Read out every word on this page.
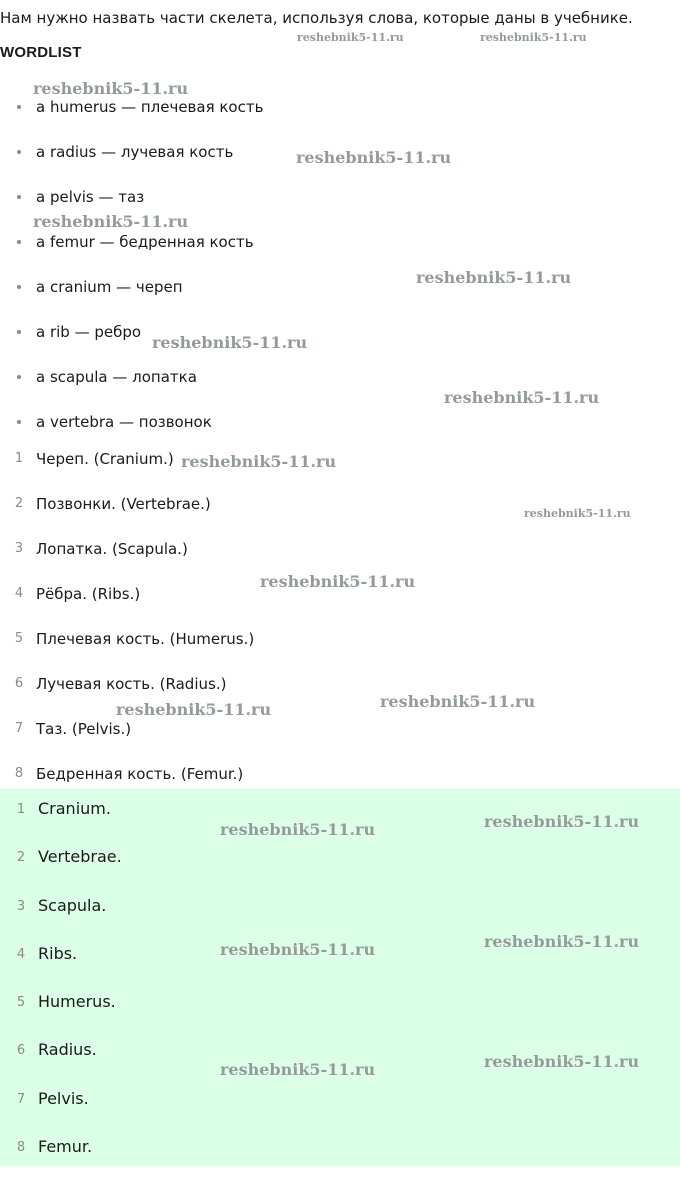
Нам нужно назвать части скелета, используя слова, которые даны в учебнике.
WORDLIST
a humerus — плечевая кость
a radius — лучевая кость
a pelvis — таз
a femur — бедренная кость
a cranium — череп
a rib — ребро
a scapula — лопатка
a vertebra — позвонок
1 Череп. (Cranium.)
2 Позвонки. (Vertebrae.)
3 Лопатка. (Scapula.)
4 Рёбра. (Ribs.)
5 Плечевая кость. (Humerus.)
6 Лучевая кость. (Radius.)
7 Таз. (Pelvis.)
8 Бедренная кость. (Femur.)
1 Cranium.
2 Vertebrae.
3 Scapula.
4 Ribs.
5 Humerus.
6 Radius.
7 Pelvis.
8 Femur.
reshebnik5-11.ru	reshebnik5-11.ru
reshebnik5-11.ru
reshebnik5-11.ru
reshebnik5-11.ru
reshebnik5-11.ru
reshebnik5-11.ru
reshebnik5-11.ru
reshebnik5-11.ru
reshebnik5-11.ru
reshebnik5-11.ru
reshebnik5-11.ru
reshebnik5-11.ru
reshebnik5-11.ru	reshebnik5-11.ru
reshebnik5-11.ru	reshebnik5-11.ru
reshebnik5-11.ru	reshebnik5-11.ru
